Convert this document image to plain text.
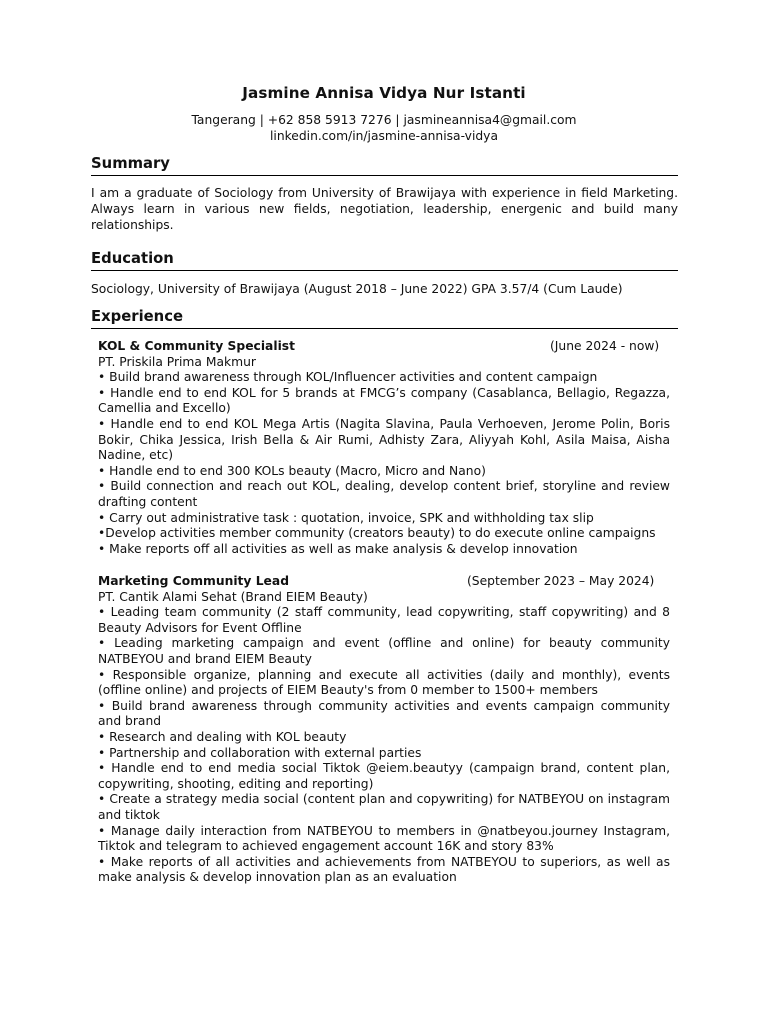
Jasmine Annisa Vidya Nur Istanti
Tangerang | +62 858 5913 7276 | jasmineannisa4@gmail.com
linkedin.com/in/jasmine-annisa-vidya
Summary
I am a graduate of Sociology from University of Brawijaya with experience in field Marketing. Always learn in various new fields, negotiation, leadership, energenic and build many relationships.
Education
Sociology, University of Brawijaya (August 2018 – June 2022) GPA 3.57/4 (Cum Laude)
Experience
KOL & Community Specialist	(June 2024 - now)
PT. Priskila Prima Makmur
• Build brand awareness through KOL/Influencer activities and content campaign
• Handle end to end KOL for 5 brands at FMCG’s company (Casablanca, Bellagio, Regazza, Camellia and Excello)
• Handle end to end KOL Mega Artis (Nagita Slavina, Paula Verhoeven, Jerome Polin, Boris Bokir, Chika Jessica, Irish Bella & Air Rumi, Adhisty Zara, Aliyyah Kohl, Asila Maisa, Aisha Nadine, etc)
• Handle end to end 300 KOLs beauty (Macro, Micro and Nano)
• Build connection and reach out KOL, dealing, develop content brief, storyline and review drafting content
• Carry out administrative task : quotation, invoice, SPK and withholding tax slip
•Develop activities member community (creators beauty) to do execute online campaigns
• Make reports off all activities as well as make analysis & develop innovation
Marketing Community Lead	(September 2023 – May 2024)
PT. Cantik Alami Sehat (Brand EIEM Beauty)
• Leading team community (2 staff community, lead copywriting, staff copywriting) and 8 Beauty Advisors for Event Offline
• Leading marketing campaign and event (offline and online) for beauty community NATBEYOU and brand EIEM Beauty
• Responsible organize, planning and execute all activities (daily and monthly), events (offline online) and projects of EIEM Beauty's from 0 member to 1500+ members
• Build brand awareness through community activities and events campaign community and brand
• Research and dealing with KOL beauty
• Partnership and collaboration with external parties
• Handle end to end media social Tiktok @eiem.beautyy (campaign brand, content plan, copywriting, shooting, editing and reporting)
• Create a strategy media social (content plan and copywriting) for NATBEYOU on instagram and tiktok
• Manage daily interaction from NATBEYOU to members in @natbeyou.journey Instagram, Tiktok and telegram to achieved engagement account 16K and story 83%
• Make reports of all activities and achievements from NATBEYOU to superiors, as well as make analysis & develop innovation plan as an evaluation
